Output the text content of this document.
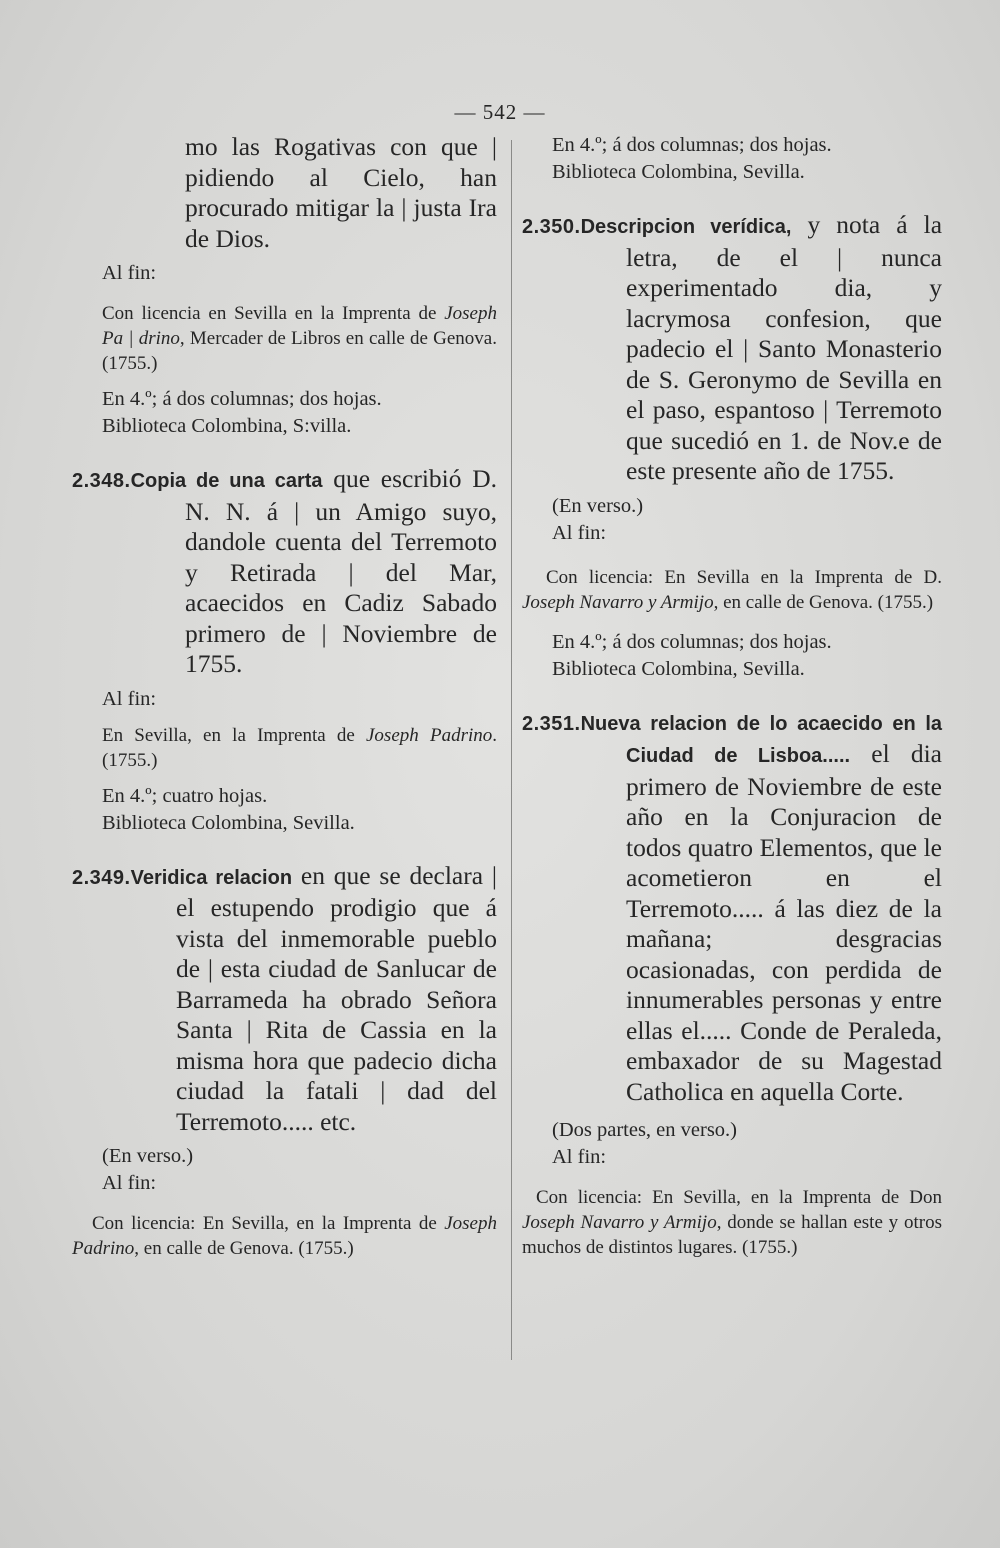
— 542 —

mo las Rogativas con que | pidiendo al Cielo, han procurado mitigar la | justa Ira de Dios.

Al fin:

Con licencia en Sevilla en la Imprenta de Joseph Pa | drino, Mercader de Libros en calle de Genova. (1755.)

En 4.º; á dos columnas; dos hojas.

Biblioteca Colombina, S:villa.

2.348.Copia de una carta que escribió D. N. N. á | un Amigo suyo, dandole cuenta del Terremoto y Retirada | del Mar, acaecidos en Cadiz Sabado primero de | Noviembre de 1755.

Al fin:

En Sevilla, en la Imprenta de Joseph Padrino. (1755.)

En 4.º; cuatro hojas.

Biblioteca Colombina, Sevilla.

2.349.Veridica relacion en que se declara | el estupendo prodigio que á vista del inmemorable pueblo de | esta ciudad de Sanlucar de Barrameda ha obrado Señora Santa | Rita de Cassia en la misma hora que padecio dicha ciudad la fatali | dad del Terremoto..... etc.

(En verso.)

Al fin:

Con licencia: En Sevilla, en la Imprenta de Joseph Padrino, en calle de Genova. (1755.)

En 4.º; á dos columnas; dos hojas.

Biblioteca Colombina, Sevilla.

2.350.Descripcion verídica, y nota á la letra, de el | nunca experimentado dia, y lacrymosa confesion, que padecio el | Santo Monasterio de S. Geronymo de Sevilla en el paso, espantoso | Terremoto que sucedió en 1. de Nov.e de este presente año de 1755.

(En verso.)

Al fin:

Con licencia: En Sevilla en la Imprenta de D. Joseph Navarro y Armijo, en calle de Genova. (1755.)

En 4.º; á dos columnas; dos hojas.

Biblioteca Colombina, Sevilla.

2.351.Nueva relacion de lo acaecido en la Ciudad de Lisboa..... el dia primero de Noviembre de este año en la Conjuracion de todos quatro Elementos, que le acometieron en el Terremoto..... á las diez de la mañana; desgracias ocasionadas, con perdida de innumerables personas y entre ellas el..... Conde de Peraleda, embaxador de su Magestad Catholica en aquella Corte.

(Dos partes, en verso.)

Al fin:

Con licencia: En Sevilla, en la Imprenta de Don Joseph Navarro y Armijo, donde se hallan este y otros muchos de distintos lugares. (1755.)
